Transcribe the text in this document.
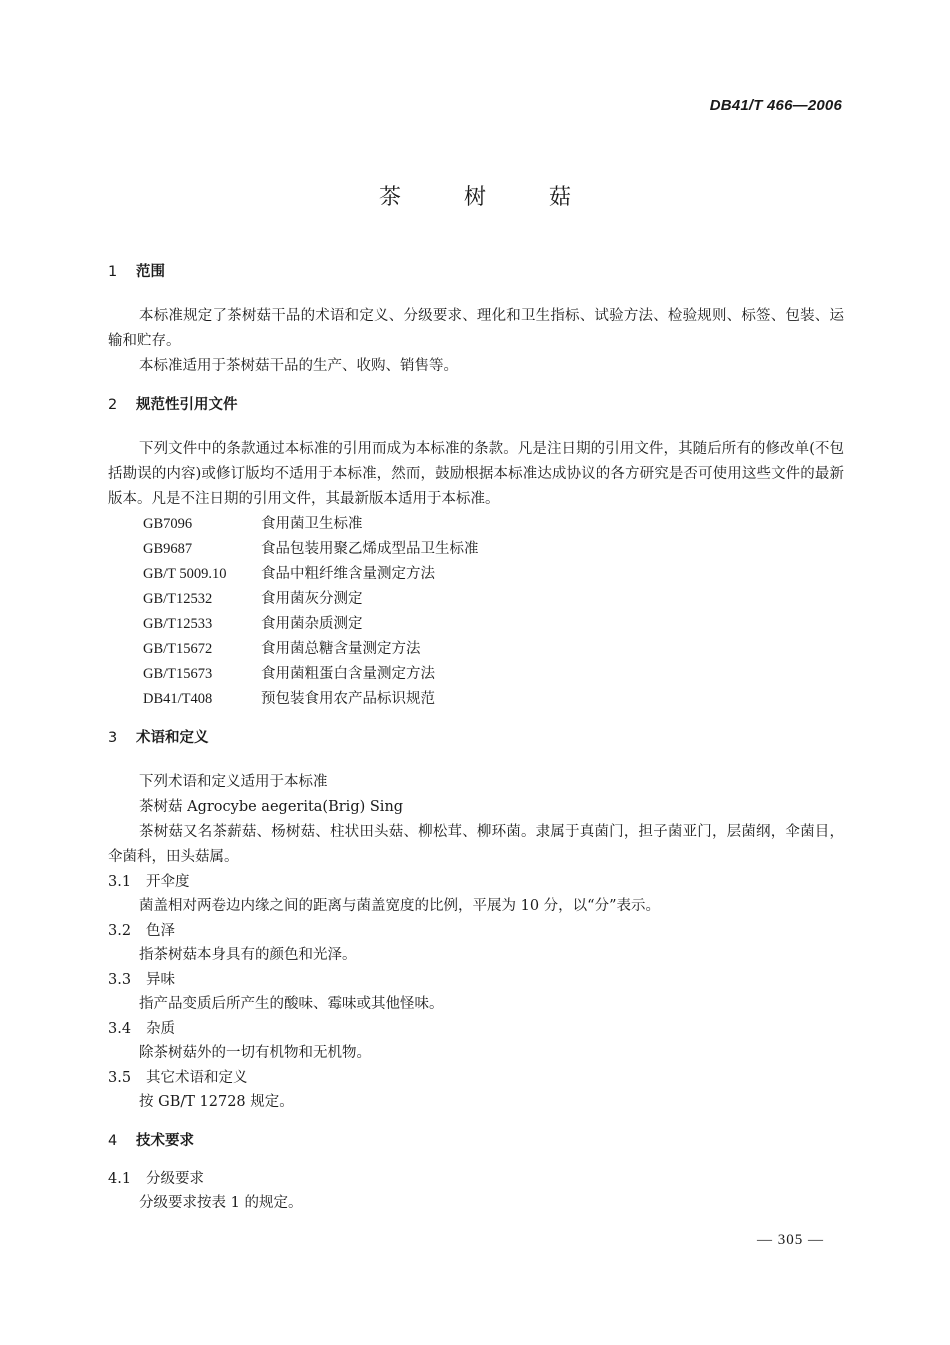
DB41/T 466—2006
茶 树 菇
1 范围

本标准规定了茶树菇干品的术语和定义、分级要求、理化和卫生指标、试验方法、检验规则、标签、包装、运输和贮存。

本标准适用于茶树菇干品的生产、收购、销售等。

2 规范性引用文件

下列文件中的条款通过本标准的引用而成为本标准的条款。凡是注日期的引用文件，其随后所有的修改单(不包括勘误的内容)或修订版均不适用于本标准，然而，鼓励根据本标准达成协议的各方研究是否可使用这些文件的最新版本。凡是不注日期的引用文件，其最新版本适用于本标准。

GB7096	食用菌卫生标准
GB9687	食品包装用聚乙烯成型品卫生标准
GB/T 5009.10	食品中粗纤维含量测定方法
GB/T12532	食用菌灰分测定
GB/T12533	食用菌杂质测定
GB/T15672	食用菌总糖含量测定方法
GB/T15673	食用菌粗蛋白含量测定方法
DB41/T408	预包装食用农产品标识规范
3 术语和定义
下列术语和定义适用于本标准
茶树菇 Agrocybe aegerita(Brig) Sing

茶树菇又名茶薪菇、杨树菇、柱状田头菇、柳松茸、柳环菌。隶属于真菌门，担子菌亚门，层菌纲，伞菌目，伞菌科，田头菇属。

3.1 开伞度
菌盖相对两卷边内缘之间的距离与菌盖宽度的比例，平展为 10 分，以“分”表示。
3.2 色泽
指茶树菇本身具有的颜色和光泽。
3.3 异味
指产品变质后所产生的酸味、霉味或其他怪味。
3.4 杂质
除茶树菇外的一切有机物和无机物。
3.5 其它术语和定义
按 GB/T 12728 规定。
4 技术要求
4.1 分级要求
分级要求按表 1 的规定。
— 305 —
